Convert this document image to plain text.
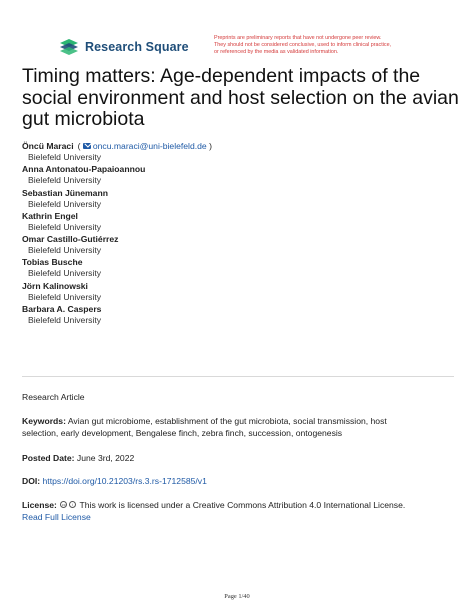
Research Square
Preprints are preliminary reports that have not undergone peer review.
They should not be considered conclusive, used to inform clinical practice,
or referenced by the media as validated information.
Timing matters: Age-dependent impacts of the
social environment and host selection on the avian
gut microbiota
Öncü Maraci ( oncu.maraci@uni-bielefeld.de )
Bielefeld University
Anna Antonatou-Papaioannou
Bielefeld University
Sebastian Jünemann
Bielefeld University
Kathrin Engel
Bielefeld University
Omar Castillo-Gutiérrez
Bielefeld University
Tobias Busche
Bielefeld University
Jörn Kalinowski
Bielefeld University
Barbara A. Caspers
Bielefeld University
Research Article
Keywords: Avian gut microbiome, establishment of the gut microbiota, social transmission, host
selection, early development, Bengalese finch, zebra finch, succession, ontogenesis
Posted Date: June 3rd, 2022
DOI: https://doi.org/10.21203/rs.3.rs-1712585/v1
License: cc i This work is licensed under a Creative Commons Attribution 4.0 International License.
Read Full License
Page 1/40
